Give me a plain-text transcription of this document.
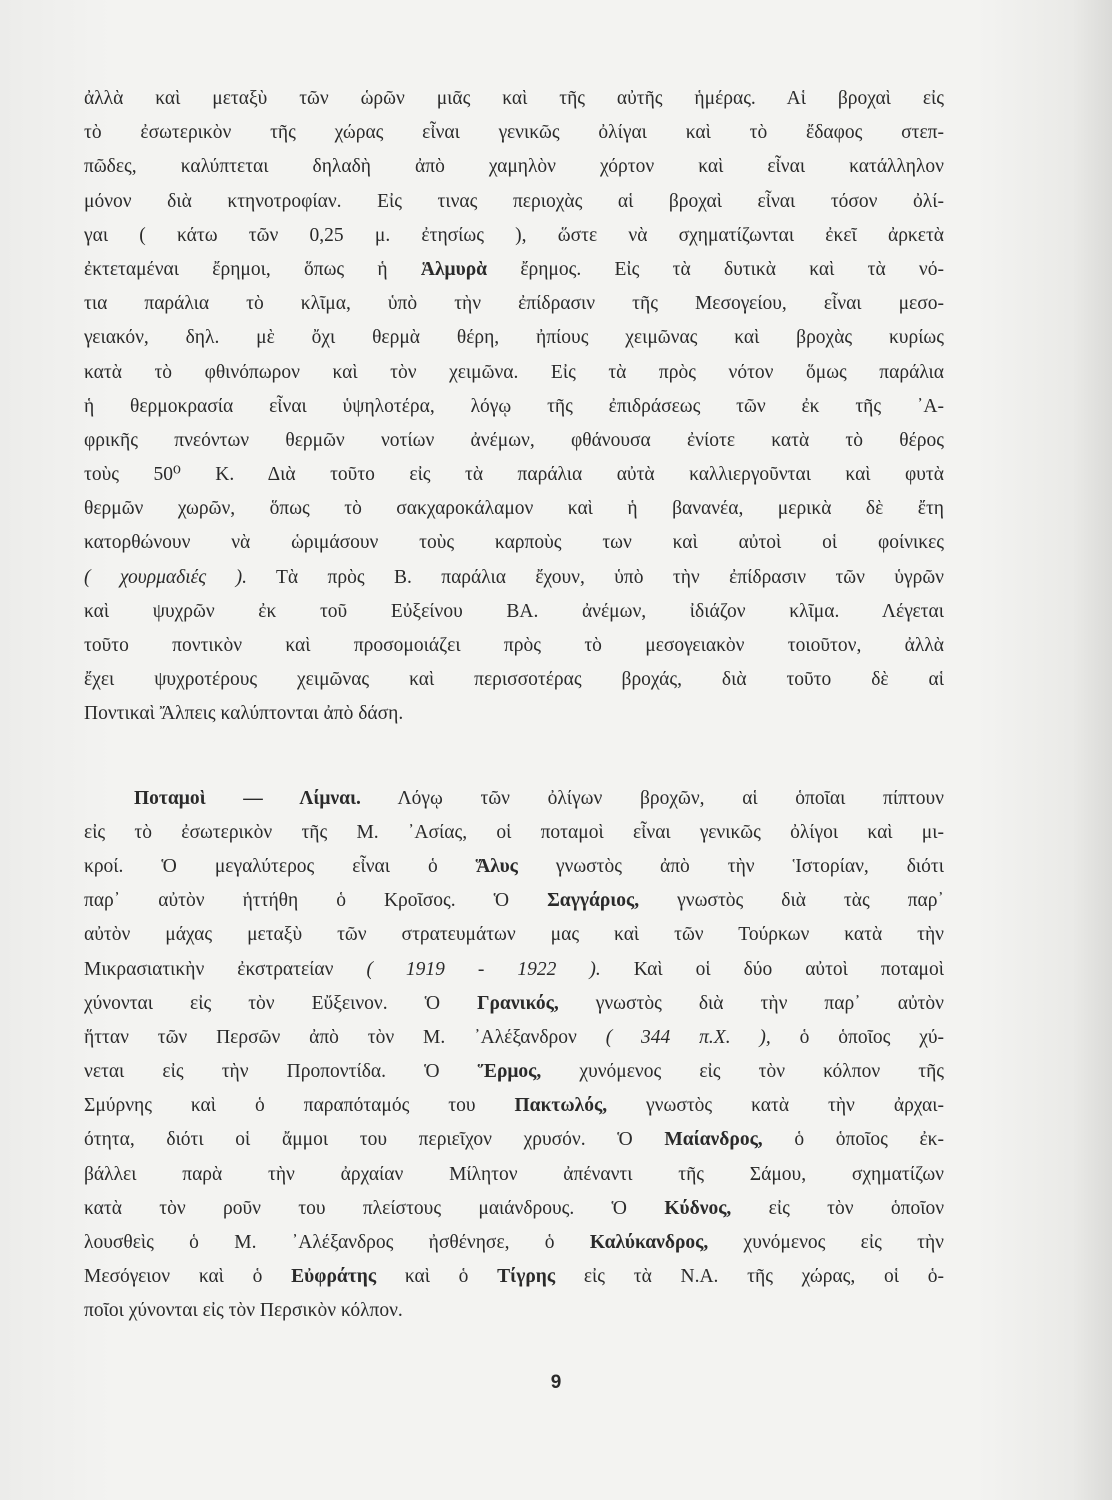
ἀλλὰ καὶ μεταξὺ τῶν ὡρῶν μιᾶς καὶ τῆς αὐτῆς ἡμέρας. Αἱ βροχαὶ εἰς
τὸ ἐσωτερικὸν τῆς χώρας εἶναι γενικῶς ὀλίγαι καὶ τὸ ἔδαφος στεπ-
πῶδες, καλύπτεται δηλαδὴ ἀπὸ χαμηλὸν χόρτον καὶ εἶναι κατάλληλον
μόνον διὰ κτηνοτροφίαν. Εἰς τινας περιοχὰς αἱ βροχαὶ εἶναι τόσον ὀλί-
γαι ( κάτω τῶν 0,25 μ. ἐτησίως ), ὥστε νὰ σχηματίζωνται ἐκεῖ ἀρκετὰ
ἐκτεταμέναι ἔρημοι, ὅπως ἡ Ἁλμυρὰ ἔρημος. Εἰς τὰ δυτικὰ καὶ τὰ νό-
τια παράλια τὸ κλῖμα, ὑπὸ τὴν ἐπίδρασιν τῆς Μεσογείου, εἶναι μεσο-
γειακόν, δηλ. μὲ ὄχι θερμὰ θέρη, ἠπίους χειμῶνας καὶ βροχὰς κυρίως
κατὰ τὸ φθινόπωρον καὶ τὸν χειμῶνα. Εἰς τὰ πρὸς νότον ὅμως παράλια
ἡ θερμοκρασία εἶναι ὑψηλοτέρα, λόγῳ τῆς ἐπιδράσεως τῶν ἐκ τῆς ᾿Α-
φρικῆς πνεόντων θερμῶν νοτίων ἀνέμων, φθάνουσα ἐνίοτε κατὰ τὸ θέρος
τοὺς 50⁰ Κ. Διὰ τοῦτο εἰς τὰ παράλια αὐτὰ καλλιεργοῦνται καὶ φυτὰ
θερμῶν χωρῶν, ὅπως τὸ σακχαροκάλαμον καὶ ἡ βανανέα, μερικὰ δὲ ἔτη
κατορθώνουν νὰ ὡριμάσουν τοὺς καρποὺς των καὶ αὐτοὶ οἱ φοίνικες
( χουρμαδιές ). Τὰ πρὸς Β. παράλια ἔχουν, ὑπὸ τὴν ἐπίδρασιν τῶν ὑγρῶν
καὶ ψυχρῶν ἐκ τοῦ Εὐξείνου ΒΑ. ἀνέμων, ἰδιάζον κλῖμα. Λέγεται
τοῦτο ποντικὸν καὶ προσομοιάζει πρὸς τὸ μεσογειακὸν τοιοῦτον, ἀλλὰ
ἔχει ψυχροτέρους χειμῶνας καὶ περισσοτέρας βροχάς, διὰ τοῦτο δὲ αἱ
Ποντικαὶ Ἄλπεις καλύπτονται ἀπὸ δάση.
Ποταμοὶ — Λίμναι. Λόγῳ τῶν ὀλίγων βροχῶν, αἱ ὁποῖαι πίπτουν
εἰς τὸ ἐσωτερικὸν τῆς Μ. ᾿Ασίας, οἱ ποταμοὶ εἶναι γενικῶς ὀλίγοι καὶ μι-
κροί. Ὁ μεγαλύτερος εἶναι ὁ Ἅλυς γνωστὸς ἀπὸ τὴν Ἱστορίαν, διότι
παρ᾿ αὐτὸν ἡττήθη ὁ Κροῖσος. Ὁ Σαγγάριος, γνωστὸς διὰ τὰς παρ᾿
αὐτὸν μάχας μεταξὺ τῶν στρατευμάτων μας καὶ τῶν Τούρκων κατὰ τὴν
Μικρασιατικὴν ἐκστρατείαν ( 1919 - 1922 ). Καὶ οἱ δύο αὐτοὶ ποταμοὶ
χύνονται εἰς τὸν Εὔξεινον. Ὁ Γρανικός, γνωστὸς διὰ τὴν παρ᾿ αὐτὸν
ἥτταν τῶν Περσῶν ἀπὸ τὸν Μ. ᾿Αλέξανδρον ( 344 π.Χ. ), ὁ ὁποῖος χύ-
νεται εἰς τὴν Προποντίδα. Ὁ Ἕρμος, χυνόμενος εἰς τὸν κόλπον τῆς
Σμύρνης καὶ ὁ παραπόταμός του Πακτωλός, γνωστὸς κατὰ τὴν ἀρχαι-
ότητα, διότι οἱ ἄμμοι του περιεῖχον χρυσόν. Ὁ Μαίανδρος, ὁ ὁποῖος ἐκ-
βάλλει παρὰ τὴν ἀρχαίαν Μίλητον ἀπέναντι τῆς Σάμου, σχηματίζων
κατὰ τὸν ροῦν του πλείστους μαιάνδρους. Ὁ Κύδνος, εἰς τὸν ὁποῖον
λουσθεὶς ὁ Μ. ᾿Αλέξανδρος ἠσθένησε, ὁ Καλύκανδρος, χυνόμενος εἰς τὴν
Μεσόγειον καὶ ὁ Εὐφράτης καὶ ὁ Τίγρης εἰς τὰ Ν.Α. τῆς χώρας, οἱ ὁ-
ποῖοι χύνονται εἰς τὸν Περσικὸν κόλπον.
9
